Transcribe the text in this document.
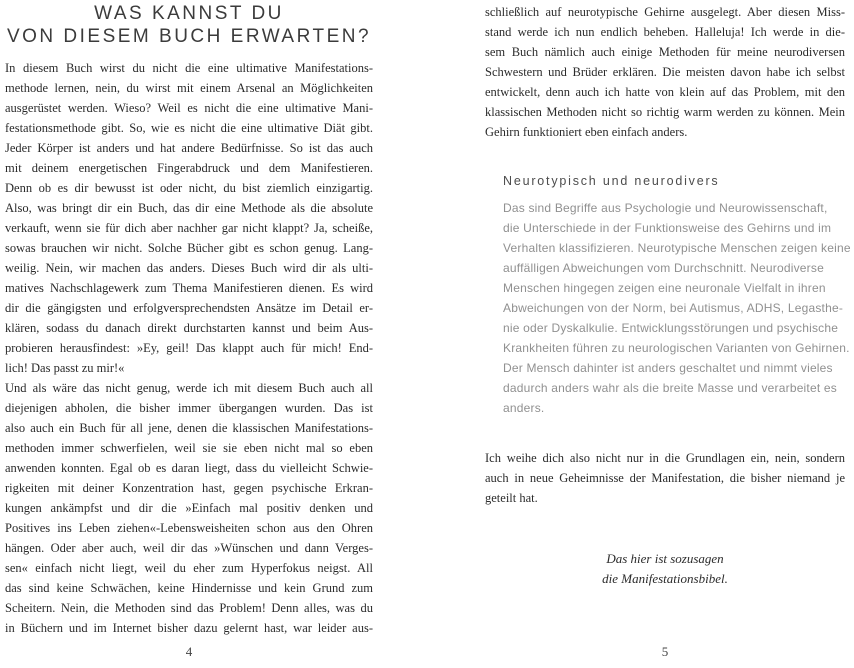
WAS KANNST DU
VON DIESEM BUCH ERWARTEN?
In diesem Buch wirst du nicht die eine ultimative Manifestations-
methode lernen, nein, du wirst mit einem Arsenal an Möglichkeiten
ausgerüstet werden. Wieso? Weil es nicht die eine ultimative Mani-
festationsmethode gibt. So, wie es nicht die eine ultimative Diät gibt.
Jeder Körper ist anders und hat andere Bedürfnisse. So ist das auch
mit deinem energetischen Fingerabdruck und dem Manifestieren.
Denn ob es dir bewusst ist oder nicht, du bist ziemlich einzigartig.
Also, was bringt dir ein Buch, das dir eine Methode als die absolute
verkauft, wenn sie für dich aber nachher gar nicht klappt? Ja, scheiße,
sowas brauchen wir nicht. Solche Bücher gibt es schon genug. Lang-
weilig. Nein, wir machen das anders. Dieses Buch wird dir als ulti-
matives Nachschlagewerk zum Thema Manifestieren dienen. Es wird
dir die gängigsten und erfolgversprechendsten Ansätze im Detail er-
klären, sodass du danach direkt durchstarten kannst und beim Aus-
probieren herausfindest: »Ey, geil! Das klappt auch für mich! End-
lich! Das passt zu mir!«
Und als wäre das nicht genug, werde ich mit diesem Buch auch all
diejenigen abholen, die bisher immer übergangen wurden. Das ist
also auch ein Buch für all jene, denen die klassischen Manifestations-
methoden immer schwerfielen, weil sie sie eben nicht mal so eben
anwenden konnten. Egal ob es daran liegt, dass du vielleicht Schwie-
rigkeiten mit deiner Konzentration hast, gegen psychische Erkran-
kungen ankämpfst und dir die »Einfach mal positiv denken und
Positives ins Leben ziehen«-Lebensweisheiten schon aus den Ohren
hängen. Oder aber auch, weil dir das »Wünschen und dann Verges-
sen« einfach nicht liegt, weil du eher zum Hyperfokus neigst. All
das sind keine Schwächen, keine Hindernisse und kein Grund zum
Scheitern. Nein, die Methoden sind das Problem! Denn alles, was du
in Büchern und im Internet bisher dazu gelernt hast, war leider aus-
4
schließlich auf neurotypische Gehirne ausgelegt. Aber diesen Miss-
stand werde ich nun endlich beheben. Halleluja! Ich werde in die-
sem Buch nämlich auch einige Methoden für meine neurodiversen
Schwestern und Brüder erklären. Die meisten davon habe ich selbst
entwickelt, denn auch ich hatte von klein auf das Problem, mit den
klassischen Methoden nicht so richtig warm werden zu können. Mein
Gehirn funktioniert eben einfach anders.
Neurotypisch und neurodivers
Das sind Begriffe aus Psychologie und Neurowissenschaft,
die Unterschiede in der Funktionsweise des Gehirns und im
Verhalten klassifizieren. Neurotypische Menschen zeigen keine
auffälligen Abweichungen vom Durchschnitt. Neurodiverse
Menschen hingegen zeigen eine neuronale Vielfalt in ihren
Abweichungen von der Norm, bei Autismus, ADHS, Legasthe-
nie oder Dyskalkulie. Entwicklungsstörungen und psychische
Krankheiten führen zu neurologischen Varianten von Gehirnen.
Der Mensch dahinter ist anders geschaltet und nimmt vieles
dadurch anders wahr als die breite Masse und verarbeitet es
anders.
Ich weihe dich also nicht nur in die Grundlagen ein, nein, sondern
auch in neue Geheimnisse der Manifestation, die bisher niemand je
geteilt hat.
Das hier ist sozusagen
die Manifestationsbibel.
5
